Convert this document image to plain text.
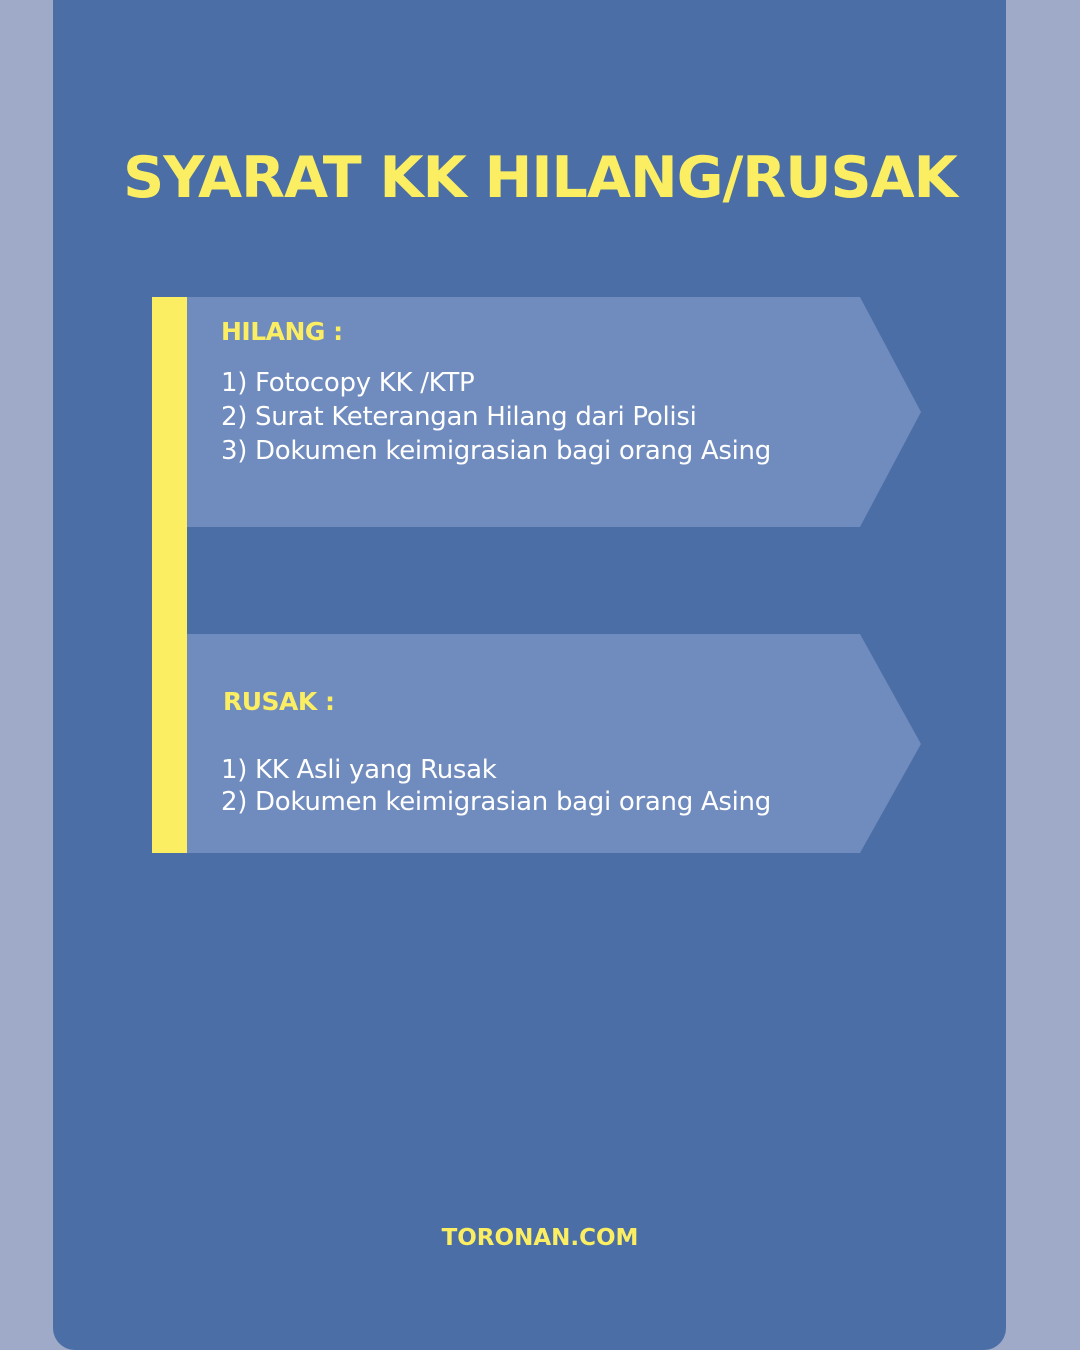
SYARAT KK HILANG/RUSAK
HILANG :
1) Fotocopy KK /KTP
2) Surat Keterangan Hilang dari Polisi
3) Dokumen keimigrasian bagi orang Asing
RUSAK :
1) KK Asli yang Rusak
2) Dokumen keimigrasian bagi orang Asing

TORONAN.COM
